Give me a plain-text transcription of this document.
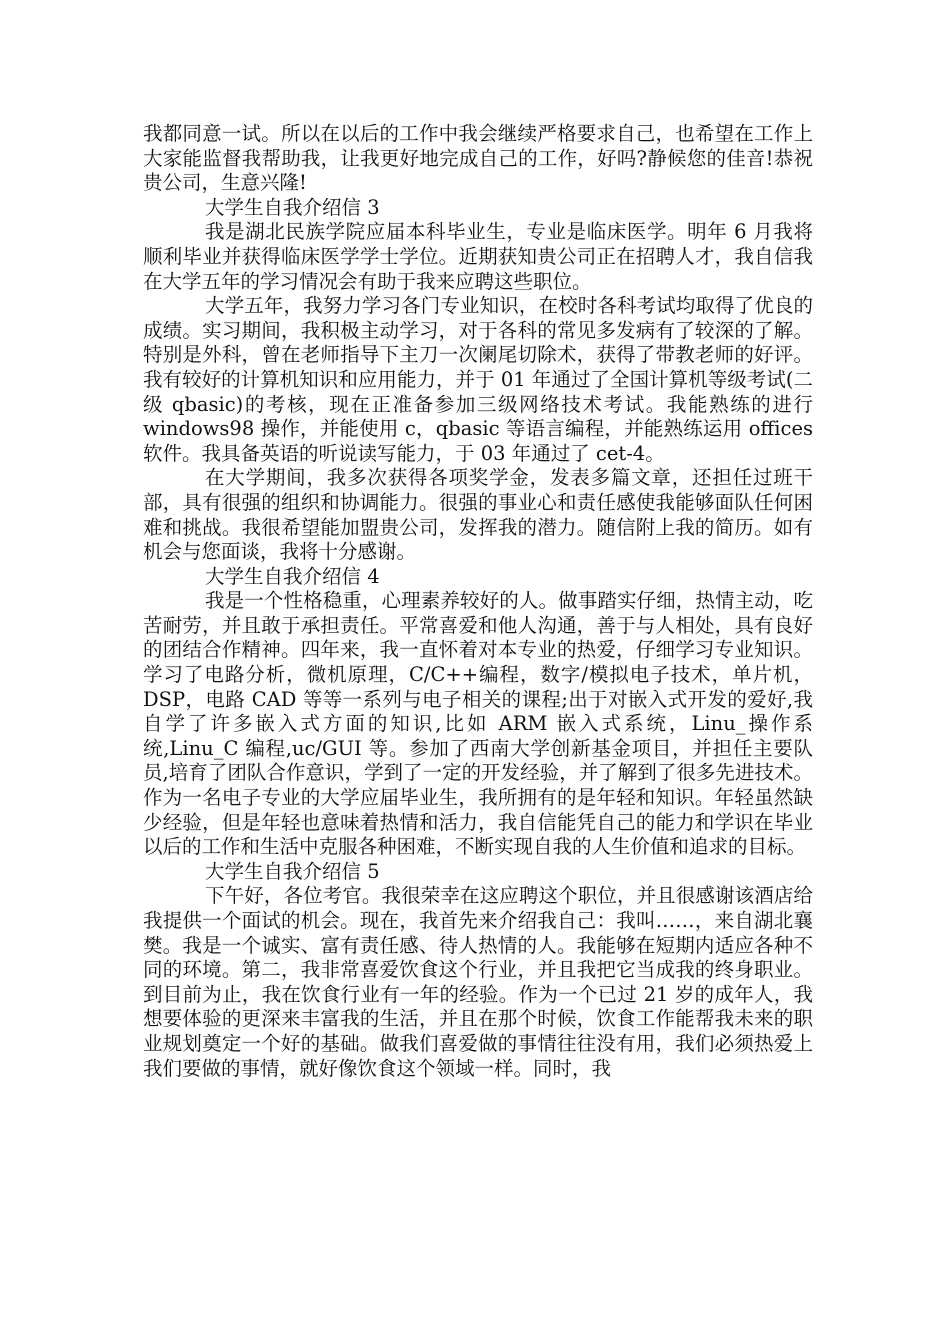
我都同意一试。所以在以后的工作中我会继续严格要求自己，也希望在工作上大家能监督我帮助我，让我更好地完成自己的工作，好吗?静候您的佳音!恭祝贵公司，生意兴隆!

大学生自我介绍信 3

我是湖北民族学院应届本科毕业生，专业是临床医学。明年 6 月我将顺利毕业并获得临床医学学士学位。近期获知贵公司正在招聘人才，我自信我在大学五年的学习情况会有助于我来应聘这些职位。

大学五年，我努力学习各门专业知识，在校时各科考试均取得了优良的成绩。实习期间，我积极主动学习，对于各科的常见多发病有了较深的了解。特别是外科，曾在老师指导下主刀一次阑尾切除术，获得了带教老师的好评。我有较好的计算机知识和应用能力，并于 01 年通过了全国计算机等级考试(二级 qbasic)的考核，现在正准备参加三级网络技术考试。我能熟练的进行 windows98 操作，并能使用 c，qbasic 等语言编程，并能熟练运用 offices 软件。我具备英语的听说读写能力，于 03 年通过了 cet-4。

在大学期间，我多次获得各项奖学金，发表多篇文章，还担任过班干部，具有很强的组织和协调能力。很强的事业心和责任感使我能够面队任何困难和挑战。我很希望能加盟贵公司，发挥我的潜力。随信附上我的简历。如有机会与您面谈，我将十分感谢。

大学生自我介绍信 4

我是一个性格稳重，心理素养较好的人。做事踏实仔细，热情主动，吃苦耐劳，并且敢于承担责任。平常喜爱和他人沟通，善于与人相处，具有良好的团结合作精神。四年来，我一直怀着对本专业的热爱，仔细学习专业知识。学习了电路分析，微机原理，C/C++编程，数字/模拟电子技术，单片机，DSP，电路 CAD 等等一系列与电子相关的课程;出于对嵌入式开发的爱好,我自学了许多嵌入式方面的知识,比如 ARM 嵌入式系统，Linu_操作系统,Linu_C 编程,uc/GUI 等。参加了西南大学创新基金项目，并担任主要队员,培育了团队合作意识，学到了一定的开发经验，并了解到了很多先进技术。作为一名电子专业的大学应届毕业生，我所拥有的是年轻和知识。年轻虽然缺少经验，但是年轻也意味着热情和活力，我自信能凭自己的能力和学识在毕业以后的工作和生活中克服各种困难，不断实现自我的人生价值和追求的目标。

大学生自我介绍信 5

下午好，各位考官。我很荣幸在这应聘这个职位，并且很感谢该酒店给我提供一个面试的机会。现在，我首先来介绍我自己：我叫……，来自湖北襄樊。我是一个诚实、富有责任感、待人热情的人。我能够在短期内适应各种不同的环境。第二，我非常喜爱饮食这个行业，并且我把它当成我的终身职业。到目前为止，我在饮食行业有一年的经验。作为一个已过 21 岁的成年人，我想要体验的更深来丰富我的生活，并且在那个时候，饮食工作能帮我未来的职业规划奠定一个好的基础。做我们喜爱做的事情往往没有用，我们必须热爱上我们要做的事情，就好像饮食这个领域一样。同时，我
